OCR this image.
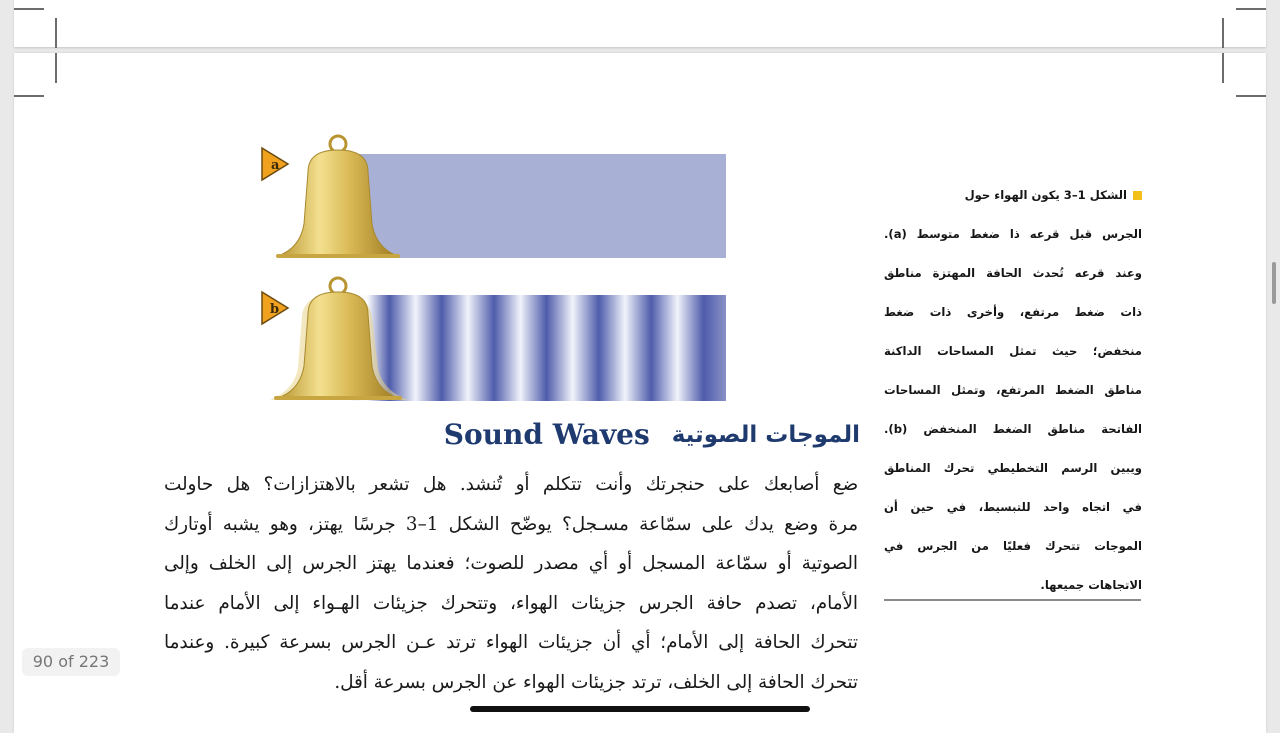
a
b
Sound Waves الموجات الصوتية
ضع أصابعك على حنجرتك وأنت تتكلم أو تُنشد. هل تشعر بالاهتزازات؟ هل حاولت
مرة وضع يدك على سمّاعة مسـجل؟ يوضّح الشكل 1–3 جرسًا يهتز، وهو يشبه أوتارك
الصوتية أو سمّاعة المسجل أو أي مصدر للصوت؛ فعندما يهتز الجرس إلى الخلف وإلى
الأمام، تصدم حافة الجرس جزيئات الهواء، وتتحرك جزيئات الهـواء إلى الأمام عندما
تتحرك الحافة إلى الأمام؛ أي أن جزيئات الهواء ترتد عـن الجرس بسرعة كبيرة. وعندما
تتحرك الحافة إلى الخلف، ترتد جزيئات الهواء عن الجرس بسرعة أقل.
الشكل 1–3 يكون الهواء حول
الجرس قبل قرعه ذا ضغط متوسط (a).
وعند قرعه تُحدث الحافة المهتزة مناطق
ذات ضغط مرتفع، وأخرى ذات ضغط
منخفض؛ حيث تمثل المساحات الداكنة
مناطق الضغط المرتفع، وتمثل المساحات
الفاتحة مناطق الضغط المنخفض (b).
ويبين الرسم التخطيطي تحرك المناطق
في اتجاه واحد للتبسيط، في حين أن
الموجات تتحرك فعليًا من الجرس في
الاتجاهات جميعها.
90 of 223
